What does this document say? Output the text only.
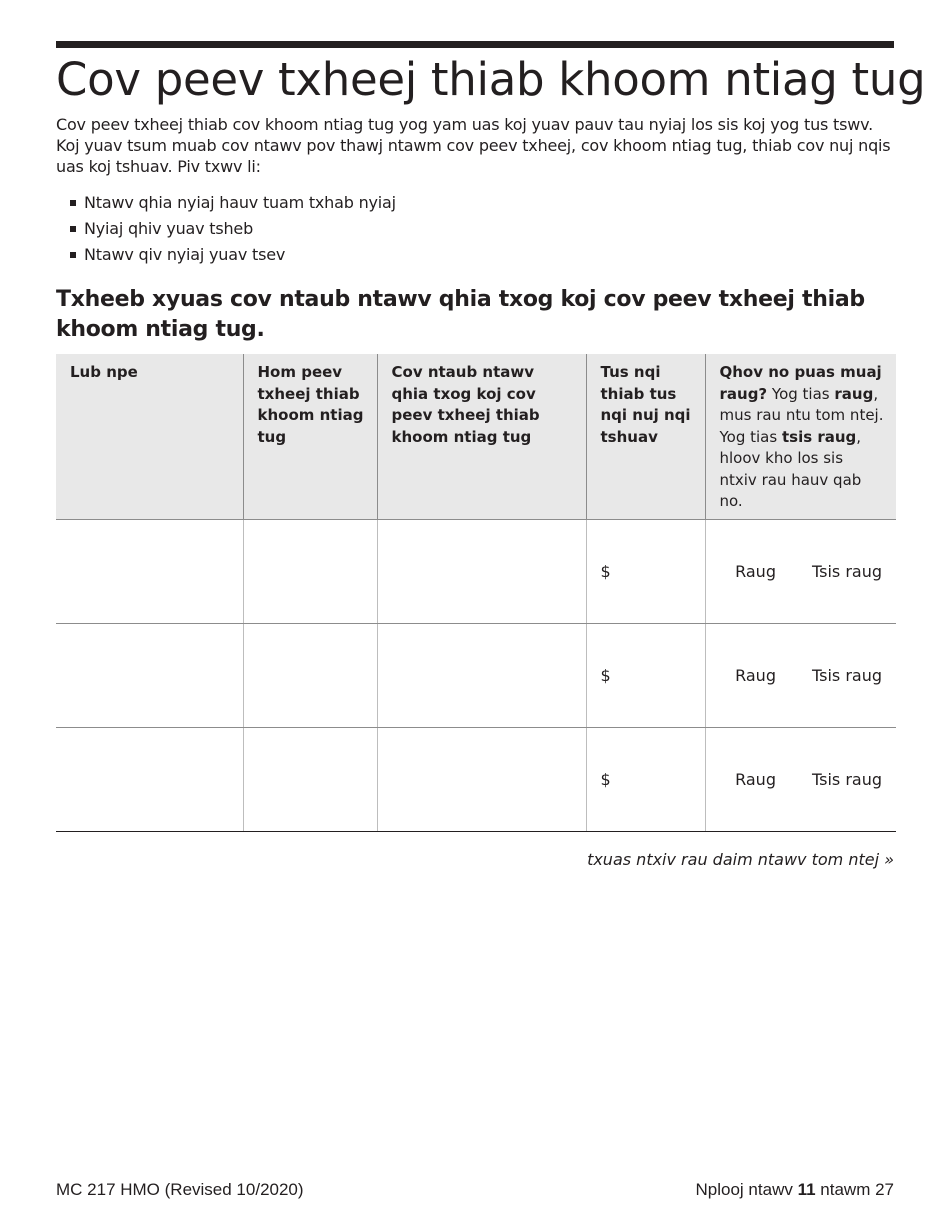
Cov peev txheej thiab khoom ntiag tug

Cov peev txheej thiab cov khoom ntiag tug yog yam uas koj yuav pauv tau nyiaj los sis koj yog tus tswv. Koj yuav tsum muab cov ntawv pov thawj ntawm cov peev txheej, cov khoom ntiag tug, thiab cov nuj nqis uas koj tshuav. Piv txwv li:

Ntawv qhia nyiaj hauv tuam txhab nyiaj
Nyiaj qhiv yuav tsheb
Ntawv qiv nyiaj yuav tsev
Txheeb xyuas cov ntaub ntawv qhia txog koj cov peev txheej thiab khoom ntiag tug.
Lub npe	Hom peev txheej thiab khoom ntiag tug	Cov ntaub ntawv qhia txog koj cov peev txheej thiab khoom ntiag tug	Tus nqi thiab tus nqi nuj nqi tshuav	Qhov no puas muaj raug? Yog tias raug, mus rau ntu tom ntej. Yog tias tsis raug, hloov kho los sis ntxiv rau hauv qab no.
			$	Raug Tsis raug

			$	Raug Tsis raug

			$	Raug Tsis raug

txuas ntxiv rau daim ntawv tom ntej »

MC 217 HMO (Revised 10/2020)	Nplooj ntawv 11 ntawm 27
